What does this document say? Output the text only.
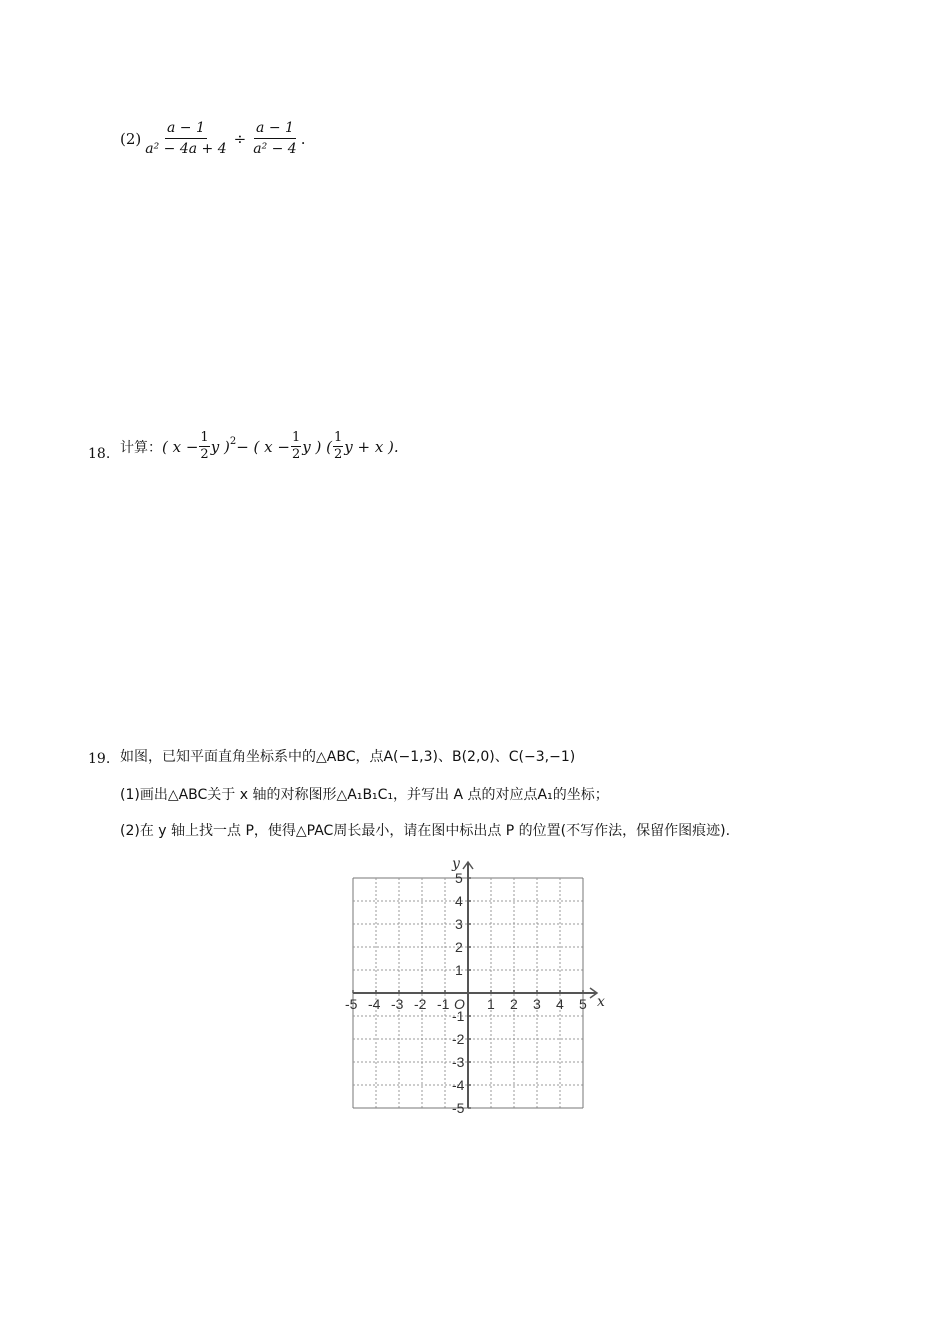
$(2) \frac{a - 1}{\text{a² − 4a + 4}} \div \frac{a - 1}{\text{a² − 4}}$ .
18. 计算： ( $x - \frac{1}{2}$ y )$^2$ − ( $x - \frac{1}{2}$ y ) ( $\frac{1}{2}$ y + x ).
19. 如图，已知平面直角坐标系中的△ABC，点A(−1,3)、B(2,0)、C(−3,−1)
(1)画出△ABC关于 x 轴的对称图形△A₁B₁C₁，并写出 A 点的对应点A₁的坐标；
(2)在 y 轴上找一点 P，使得△PAC周长最小，请在图中标出点 P 的位置(不写作法，保留作图痕迹).
-5 -4 -3 -2 -1	1 2 3 4 5
5
4
3
2
1
-1
-2
-3
-4
-5
O	x
y
